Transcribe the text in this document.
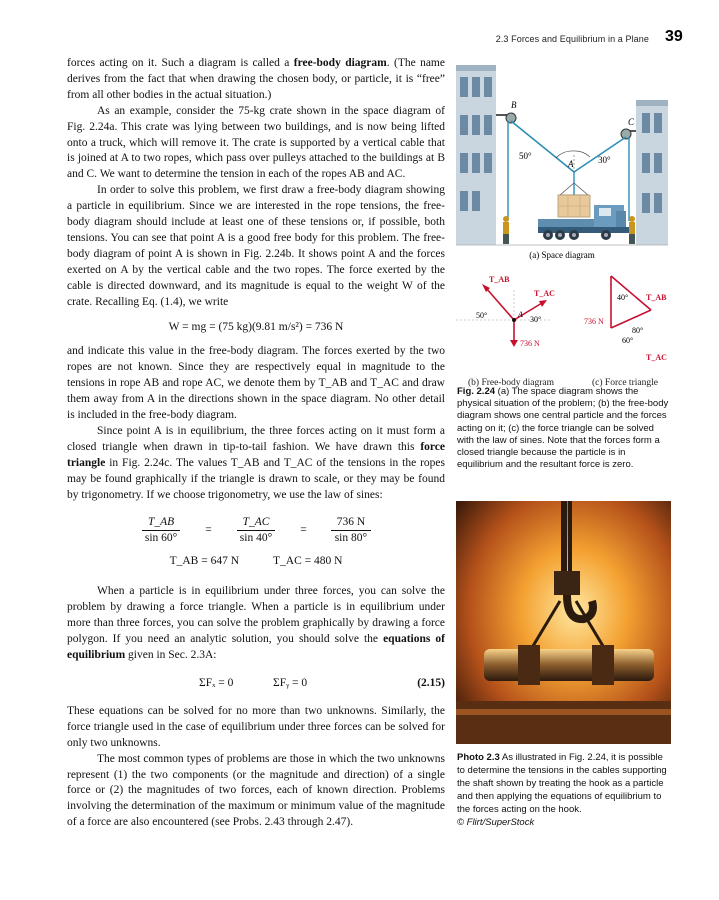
2.3 Forces and Equilibrium in a Plane 39

forces acting on it. Such a diagram is called a free-body diagram. (The name derives from the fact that when drawing the chosen body, or particle, it is “free” from all other bodies in the actual situation.)

As an example, consider the 75-kg crate shown in the space diagram of Fig. 2.24a. This crate was lying between two buildings, and is now being lifted onto a truck, which will remove it. The crate is supported by a vertical cable that is joined at A to two ropes, which pass over pulleys attached to the buildings at B and C. We want to determine the tension in each of the ropes AB and AC.

In order to solve this problem, we first draw a free-body diagram showing a particle in equilibrium. Since we are interested in the rope tensions, the free-body diagram should include at least one of these tensions or, if possible, both tensions. You can see that point A is a good free body for this problem. The free-body diagram of point A is shown in Fig. 2.24b. It shows point A and the forces exerted on A by the vertical cable and the two ropes. The force exerted by the cable is directed downward, and its magnitude is equal to the weight W of the crate. Recalling Eq. (1.4), we write

W = mg = (75 kg)(9.81 m/s²) = 736 N

and indicate this value in the free-body diagram. The forces exerted by the two ropes are not known. Since they are respectively equal in magnitude to the tensions in rope AB and rope AC, we denote them by T_AB and T_AC and draw them away from A in the directions shown in the space diagram. No other detail is included in the free-body diagram.

Since point A is in equilibrium, the three forces acting on it must form a closed triangle when drawn in tip-to-tail fashion. We have drawn this force triangle in Fig. 2.24c. The values T_AB and T_AC of the tensions in the ropes may be found graphically if the triangle is drawn to scale, or they may be found by trigonometry. If we choose trigonometry, we use the law of sines:

$\frac{T\_AB}{\sin 60^\circ} = \frac{T\_AC}{\sin 40^\circ} = \frac{736 N}{\sin 80^\circ}$
T_AB = 647 N	T_AC = 480 N

When a particle is in equilibrium under three forces, you can solve the problem by drawing a force triangle. When a particle is in equilibrium under more than three forces, you can solve the problem graphically by drawing a force polygon. If you need an analytic solution, you should solve the equations of equilibrium given in Sec. 2.3A:

ΣFₓ = 0	ΣFᵧ = 0	(2.15)

These equations can be solved for no more than two unknowns. Similarly, the force triangle used in the case of equilibrium under three forces can be solved for only two unknowns.

The most common types of problems are those in which the two unknowns represent (1) the two components (or the magnitude and direction) of a single force or (2) the magnitudes of two forces, each of known direction. Problems involving the determination of the maximum or minimum value of the magnitude of a force are also encountered (see Probs. 2.43 through 2.47).

50°	30°
A
B
C
(a) Space diagram
T_AB
T_AC
50°	30°
A
736 N
40° T_AB
736 N
80°
60°
T_AC
(b) Free-body diagram	(c) Force triangle
Fig. 2.24 (a) The space diagram shows the physical situation of the problem; (b) the free-body diagram shows one central particle and the forces acting on it; (c) the force triangle can be solved with the law of sines. Note that the forces form a closed triangle because the particle is in equilibrium and the resultant force is zero.
Photo 2.3 As illustrated in Fig. 2.24, it is possible to determine the tensions in the cables supporting the shaft shown by treating the hook as a particle and then applying the equations of equilibrium to the forces acting on the hook.
© Flirt/SuperStock
